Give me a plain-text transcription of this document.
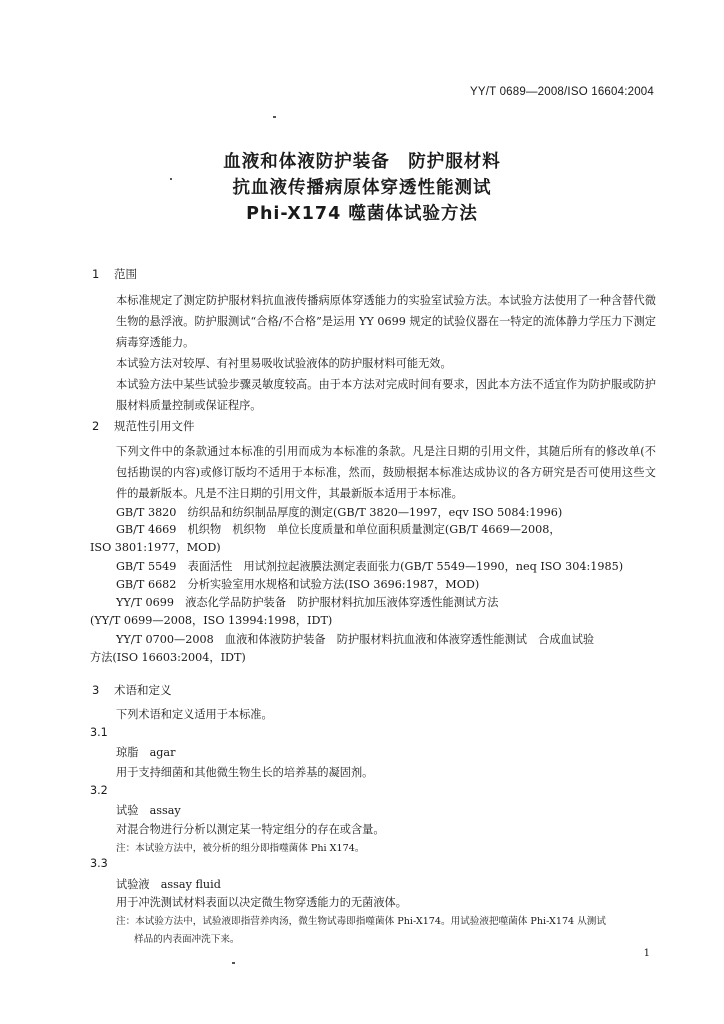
YY/T 0689—2008/ISO 16604:2004
血液和体液防护装备　防护服材料
抗血液传播病原体穿透性能测试
Phi-X174 噬菌体试验方法
1 范围
本标准规定了测定防护服材料抗血液传播病原体穿透能力的实验室试验方法。本试验方法使用了一种含替代微生物的悬浮液。防护服测试“合格/不合格”是运用 YY 0699 规定的试验仪器在一特定的流体静力学压力下测定病毒穿透能力。
本试验方法对较厚、有衬里易吸收试验液体的防护服材料可能无效。
本试验方法中某些试验步骤灵敏度较高。由于本方法对完成时间有要求，因此本方法不适宜作为防护服或防护服材料质量控制或保证程序。
2 规范性引用文件
下列文件中的条款通过本标准的引用而成为本标准的条款。凡是注日期的引用文件，其随后所有的修改单(不包括勘误的内容)或修订版均不适用于本标准，然而，鼓励根据本标准达成协议的各方研究是否可使用这些文件的最新版本。凡是不注日期的引用文件，其最新版本适用于本标准。
GB/T 3820　纺织品和纺织制品厚度的测定(GB/T 3820—1997，eqv ISO 5084:1996)
GB/T 4669　机织物　机织物　单位长度质量和单位面积质量测定(GB/T 4669—2008，
ISO 3801:1977，MOD)
GB/T 5549　表面活性　用试剂拉起液膜法测定表面张力(GB/T 5549—1990，neq ISO 304:1985)
GB/T 6682　分析实验室用水规格和试验方法(ISO 3696:1987，MOD)
YY/T 0699　液态化学品防护装备　防护服材料抗加压液体穿透性能测试方法
(YY/T 0699—2008，ISO 13994:1998，IDT)
YY/T 0700—2008　血液和体液防护装备　防护服材料抗血液和体液穿透性能测试　合成血试验
方法(ISO 16603:2004，IDT)
3 术语和定义
下列术语和定义适用于本标准。
3.1
琼脂　agar
用于支持细菌和其他微生物生长的培养基的凝固剂。
3.2
试验　assay
对混合物进行分析以测定某一特定组分的存在或含量。
注：本试验方法中，被分析的组分即指噬菌体 Phi X174。
3.3
试验液　assay fluid
用于冲洗测试材料表面以决定微生物穿透能力的无菌液体。
注：本试验方法中，试验液即指营养肉汤，微生物试毒即指噬菌体 Phi-X174。用试验液把噬菌体 Phi-X174 从测试
样品的内表面冲洗下来。
1
